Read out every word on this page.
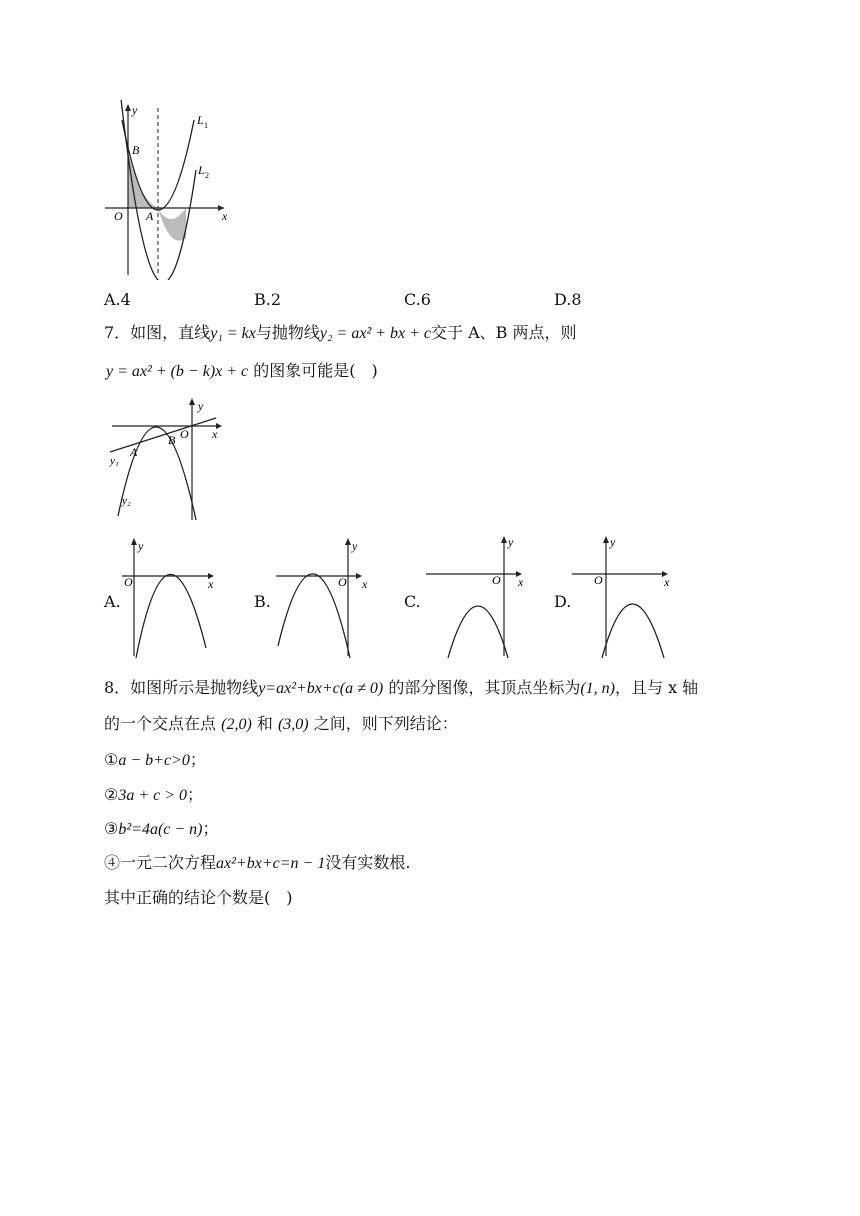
y
L 1
L 2
B
O A	x
A.4	B.2	C.6	D.8
7．如图，直线y₁ = kx与抛物线y₂ = ax² + bx + c交于 A、B 两点，则
y = ax² + (b − k)x + c 的图象可能是(　)
y
x
O
B
A
y₁
y₂
A.	B.	C.	D.
y
x
O
y
x
O
y
x
O
y
x
O
8．如图所示是抛物线y=ax²+bx+c(a ≠ 0) 的部分图像，其顶点坐标为(1, n)，且与 x 轴
的一个交点在点 (2,0) 和 (3,0) 之间，则下列结论：
①a − b+c>0；
②3a + c > 0；
③b²=4a(c − n)；
④一元二次方程ax²+bx+c=n − 1没有实数根.
其中正确的结论个数是(　)
